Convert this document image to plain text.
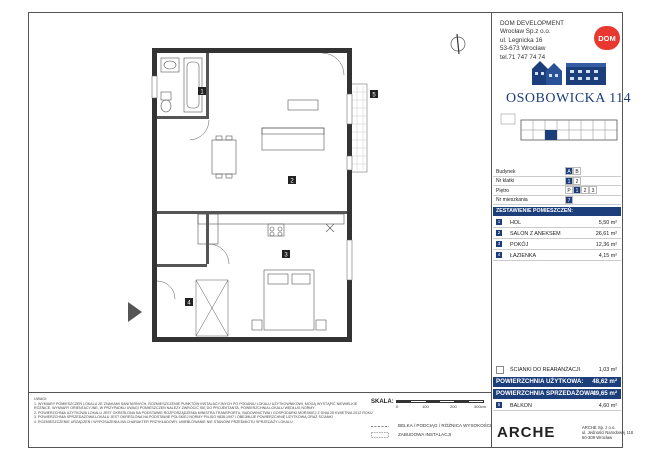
1
2
3
4
5
DOM DEVELOPMENT
Wrocław Sp.z o.o.
ul. Legnicka 16
53-673 Wrocław
tel.71 747 74 74
DOM
OSOBOWICKA 114
Budynek	A B
Nr klatki	1	2
Piętro	P 1	2	3
Nr mieszkania	7
ZESTAWIENIE POMIESZCZEŃ:
1	HOL	5,50 m²
2	SALON Z ANEKSEM	26,61 m²
3	POKÓJ	12,36 m²
4	ŁAZIENKA	4,15 m²
ŚCIANKI DO REARANŻACJI	1,03 m²
POWIERZCHNIA UŻYTKOWA: 48,62 m²
POWIERZCHNIA SPRZEDAŻOWA:
49,65 m²
5	BALKON	4,60 m²
UWAGI:
1. WYMIARY POMIESZCZEŃ LOKALU ZE ZNAKAMI SANITARNYCH, ROZMIESZCZENIE PUNKTÓW INSTALACYJNYCH PO PODANIU LOKALU UŻYTKOWNIKOWI, MOGĄ WYSTĄPIĆ NIEWIELKIE
RÓŻNICE. WYMIARY ORIENTACYJNE, W PRZYPADKU UWAGI POMIESZCZEŃ NALEŻY ZWRÓCIĆ SIĘ DO PROJEKTANTA. POWIERZCHNIA LOKALU WEDŁUG NORMY
2. POWIERZCHNIA UŻYTKOWA LOKALU JEST OKREŚLONA NA PODSTAWIE ROZPORZĄDZENIA MINISTRA TRANSPORTU, BUDOWNICTWA I GOSPODARKI MORSKIEJ Z DNIA 25 KWIETNIA 2012 ROKU
3. POWIERZCHNIA SPRZEDAŻOWA LOKALU JEST OKREŚLONA NA PODSTAWIE POLSKIEJ NORMY PN-ISO 9836:1997 I OBEJMUJE POWIERZCHNIĘ UŻYTKOWĄ ORAZ ŚCIANKI
4. ROZMIESZCZENIE URZĄDZEŃ I WYPOSAŻENIA MA CHARAKTER PRZYKŁADOWY, UMEBLOWANIE NIE STANOWI PRZEDMIOTU SPRZEDAŻY LOKALU
SKALA:
0	100	200	300cm
BELKA / PODCIĄG / RÓŻNICA WYSOKOŚCI
ZABUDOWA INSTALACJI	ARCHE	ARCHE Sp. z o.o.
ul. Jedności Narodowej 118
50-309 Wrocław
